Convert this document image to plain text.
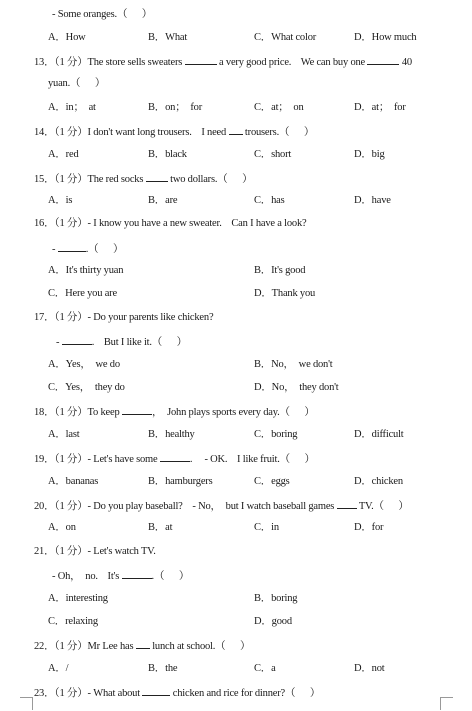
- Some oranges.（      ）
A．How	B．What	C．What color	D．How much
13．（1 分）The store sells sweaters	a very good price.    We can buy one	40
yuan.（      ）
A．in；  at	B．on；  for	C．at；  on	D．at；  for
14．（1 分）I don't want long trousers.    I need  trousers.（      ）
A．red	B．black	C．short	D．big
15．（1 分）The red socks  two dollars.（      ）
A．is	B．are	C．has	D．have
16．（1 分）- I know you have a new sweater.    Can I have a look?
-	.（      ）
A．It's thirty yuan	B．It's good
C．Here you are	D．Thank you
17．（1 分）- Do your parents like chicken?
-	.    But I like it.（      ）
A．Yes，  we do	B．No，  we don't
C．Yes，  they do	D．No，  they don't
18．（1 分）To keep	，  John plays sports every day.（      ）
A．last	B．healthy	C．boring	D．difficult
19．（1 分）- Let's have some	.     - OK.    I like fruit.（      ）
A．bananas	B．hamburgers	C．eggs	D．chicken
20．（1 分）- Do you play baseball?    - No，  but I watch baseball games  TV.（      ）
A．on	B．at	C．in	D．for
21．（1 分）- Let's watch TV.
- Oh，  no.    It's	.（      ）
A．interesting	B．boring
C．relaxing	D．good
22．（1 分）Mr Lee has  lunch at school.（      ）
A．/	B．the	C．a	D．not
23．（1 分）- What about	chicken and rice for dinner?（      ）
